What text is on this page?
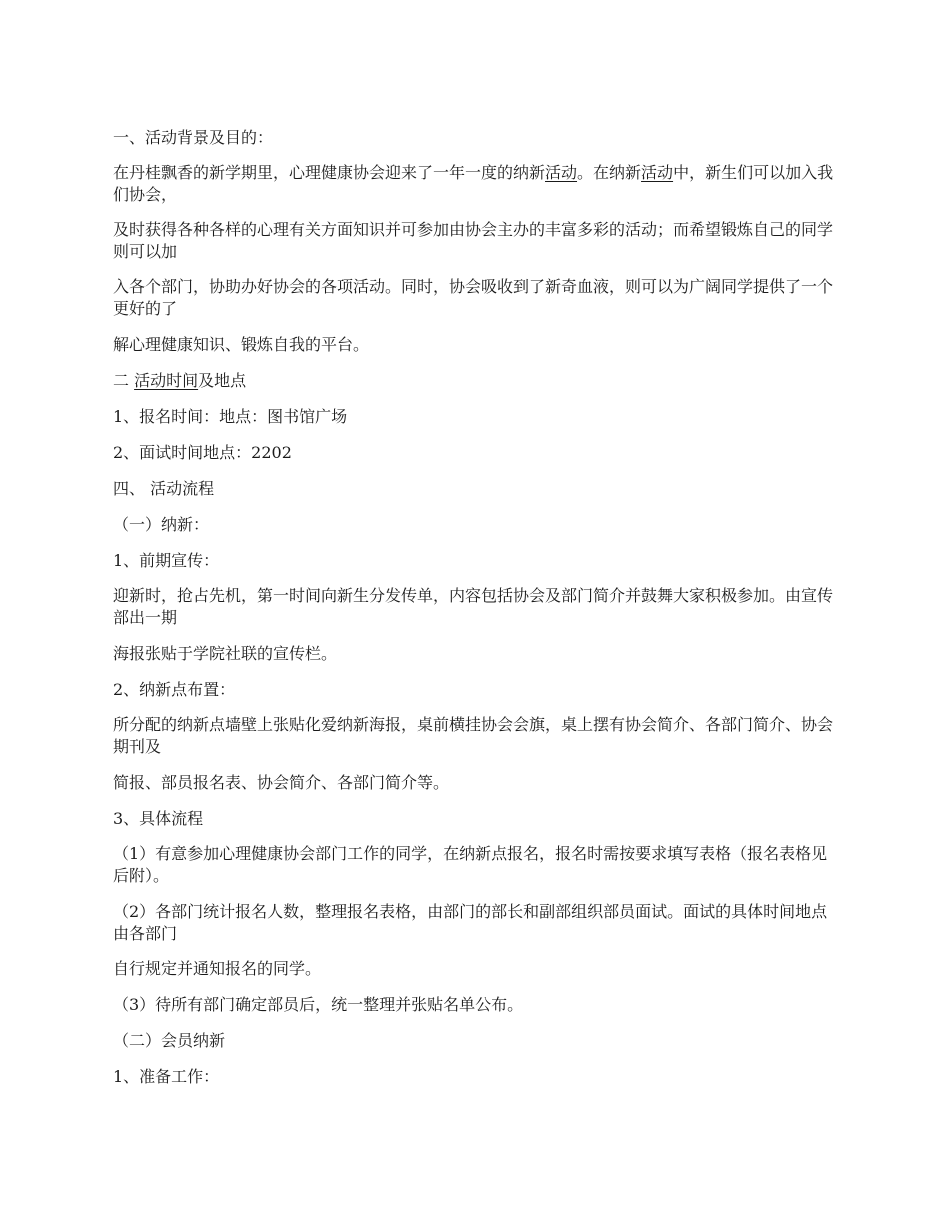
一、活动背景及目的：
在丹桂飘香的新学期里，心理健康协会迎来了一年一度的纳新活动。在纳新活动中，新生们可以加入我们协会，
及时获得各种各样的心理有关方面知识并可参加由协会主办的丰富多彩的活动；而希望锻炼自己的同学则可以加
入各个部门，协助办好协会的各项活动。同时，协会吸收到了新奇血液，则可以为广阔同学提供了一个更好的了
解心理健康知识、锻炼自我的平台。
二 活动时间及地点
1、报名时间：地点：图书馆广场
2、面试时间地点：2202
四、 活动流程
（一）纳新：
1、前期宣传：
迎新时，抢占先机，第一时间向新生分发传单，内容包括协会及部门简介并鼓舞大家积极参加。由宣传部出一期
海报张贴于学院社联的宣传栏。
2、纳新点布置：
所分配的纳新点墙壁上张贴化爱纳新海报，桌前横挂协会会旗，桌上摆有协会简介、各部门简介、协会期刊及
简报、部员报名表、协会简介、各部门简介等。
3、具体流程
（1）有意参加心理健康协会部门工作的同学，在纳新点报名，报名时需按要求填写表格（报名表格见后附）。
（2）各部门统计报名人数，整理报名表格，由部门的部长和副部组织部员面试。面试的具体时间地点由各部门
自行规定并通知报名的同学。
（3）待所有部门确定部员后，统一整理并张贴名单公布。
（二）会员纳新
1、准备工作：
